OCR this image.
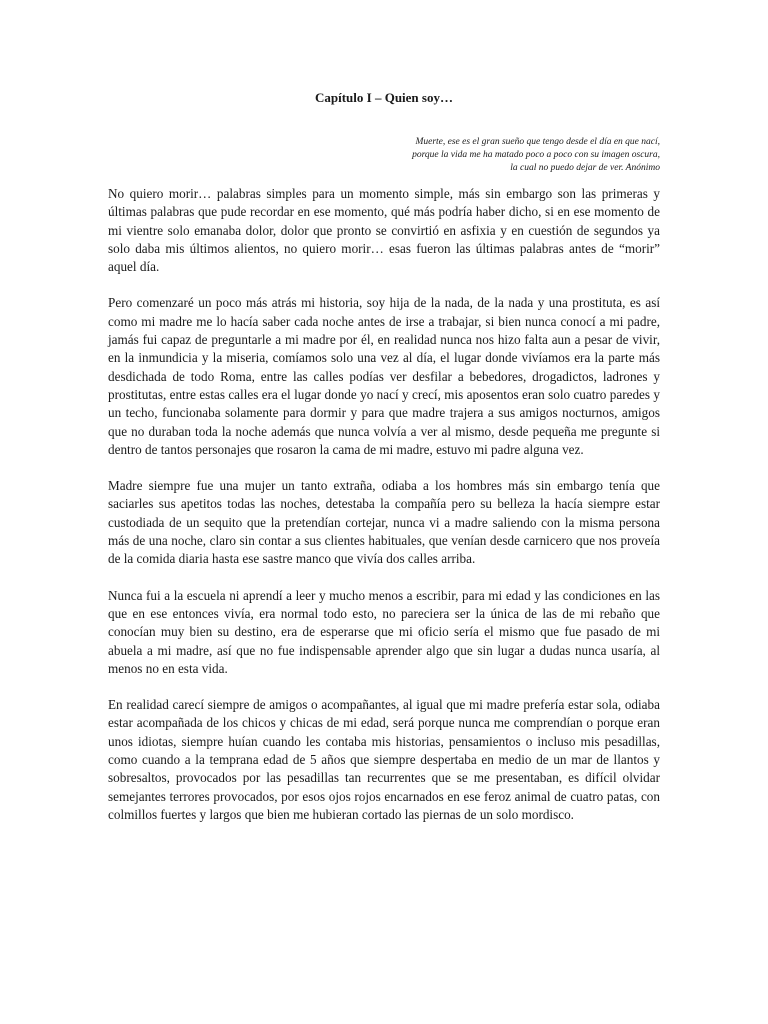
Capítulo I – Quien soy…
Muerte, ese es el gran sueño que tengo desde el día en que nací,
porque la vida me ha matado poco a poco con su imagen oscura,
la cual no puedo dejar de ver. Anónimo

No quiero morir… palabras simples para un momento simple, más sin embargo son las primeras y últimas palabras que pude recordar en ese momento, qué más podría haber dicho, si en ese momento de mi vientre solo emanaba dolor, dolor que pronto se convirtió en asfixia y en cuestión de segundos ya solo daba mis últimos alientos, no quiero morir… esas fueron las últimas palabras antes de “morir” aquel día.

Pero comenzaré un poco más atrás mi historia, soy hija de la nada, de la nada y una prostituta, es así como mi madre me lo hacía saber cada noche antes de irse a trabajar, si bien nunca conocí a mi padre, jamás fui capaz de preguntarle a mi madre por él, en realidad nunca nos hizo falta aun a pesar de vivir, en la inmundicia y la miseria, comíamos solo una vez al día, el lugar donde vivíamos era la parte más desdichada de todo Roma, entre las calles podías ver desfilar a bebedores, drogadictos, ladrones y prostitutas, entre estas calles era el lugar donde yo nací y crecí, mis aposentos eran solo cuatro paredes y un techo, funcionaba solamente para dormir y para que madre trajera a sus amigos nocturnos, amigos que no duraban toda la noche además que nunca volvía a ver al mismo, desde pequeña me pregunte si dentro de tantos personajes que rosaron la cama de mi madre, estuvo mi padre alguna vez.

Madre siempre fue una mujer un tanto extraña, odiaba a los hombres más sin embargo tenía que saciarles sus apetitos todas las noches, detestaba la compañía pero su belleza la hacía siempre estar custodiada de un sequito que la pretendían cortejar, nunca vi a madre saliendo con la misma persona más de una noche, claro sin contar a sus clientes habituales, que venían desde carnicero que nos proveía de la comida diaria hasta ese sastre manco que vivía dos calles arriba.

Nunca fui a la escuela ni aprendí a leer y mucho menos a escribir, para mi edad y las condiciones en las que en ese entonces vivía, era normal todo esto, no pareciera ser la única de las de mi rebaño que conocían muy bien su destino, era de esperarse que mi oficio sería el mismo que fue pasado de mi abuela a mi madre, así que no fue indispensable aprender algo que sin lugar a dudas nunca usaría, al menos no en esta vida.

En realidad carecí siempre de amigos o acompañantes, al igual que mi madre prefería estar sola, odiaba estar acompañada de los chicos y chicas de mi edad, será porque nunca me comprendían o porque eran unos idiotas, siempre huían cuando les contaba mis historias, pensamientos o incluso mis pesadillas, como cuando a la temprana edad de 5 años que siempre despertaba en medio de un mar de llantos y sobresaltos, provocados por las pesadillas tan recurrentes que se me presentaban, es difícil olvidar semejantes terrores provocados, por esos ojos rojos encarnados en ese feroz animal de cuatro patas, con colmillos fuertes y largos que bien me hubieran cortado las piernas de un solo mordisco.
